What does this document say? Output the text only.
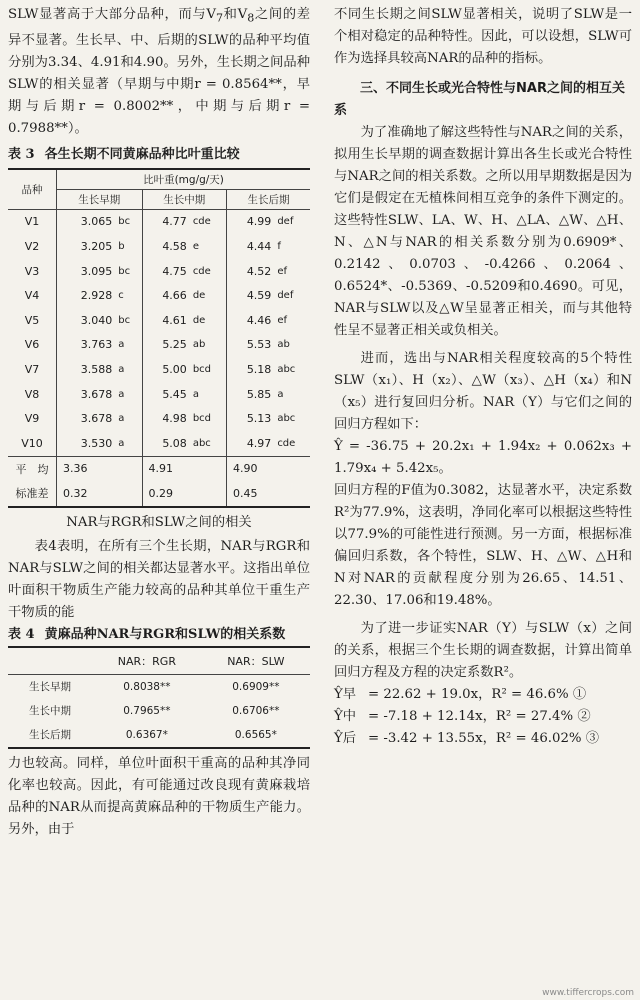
SLW显著高于大部分品种，而与$V_7$和$V_8$之间的差异不显著。生长早、中、后期的SLW的品种平均值分别为3.34、4.91和4.90。另外，生长期之间品种SLW的相关显著（早期与中期r = 0.8564**，早期与后期r = 0.8002**，中期与后期r = 0.7988**）。

表 3 各生长期不同黄麻品种比叶重比较
品种	比叶重(mg/g/天)					
	生长早期		生长中期		生长后期	
V1	3.065	bc	4.77	cde	4.99	def
V2	3.205	b	4.58	e	4.44	f
V3	3.095	bc	4.75	cde	4.52	ef
V4	2.928	c	4.66	de	4.59	def
V5	3.040	bc	4.61	de	4.46	ef
V6	3.763	a	5.25	ab	5.53	ab
V7	3.588	a	5.00	bcd	5.18	abc
V8	3.678	a	5.45	a	5.85	a
V9	3.678	a	4.98	bcd	5.13	abc
V10	3.530	a	5.08	abc	4.97	cde
平　均	3.36		4.91		4.90	
标准差	0.32		0.29		0.45	
NAR与RGR和SLW之间的相关

表4表明，在所有三个生长期，NAR与RGR和NAR与SLW之间的相关都达显著水平。这指出单位叶面积干物质生产能力较高的品种其单位干重生产干物质的能

表 4 黄麻品种NAR与RGR和SLW的相关系数
	NAR：RGR	NAR：SLW
生长早期	0.8038**	0.6909**
生长中期	0.7965**	0.6706**
生长后期	0.6367*	0.6565*

力也较高。同样，单位叶面积干重高的品种其净同化率也较高。因此，有可能通过改良现有黄麻栽培品种的NAR从而提高黄麻品种的干物质生产能力。另外，由于

不同生长期之间SLW显著相关，说明了SLW是一个相对稳定的品种特性。因此，可以设想，SLW可作为选择具较高NAR的品种的指标。

三、不同生长或光合特性与NAR之间的相互关系

为了准确地了解这些特性与NAR之间的关系，拟用生长早期的调查数据计算出各生长或光合特性与NAR之间的相关系数。之所以用早期数据是因为它们是假定在无植株间相互竞争的条件下测定的。这些特性SLW、LA、W、H、△LA、△W、△H、N、△N与NAR的相关系数分别为0.6909*、0.2142、0.0703、-0.4266、0.2064、0.6524*、-0.5369、-0.5209和0.4690。可见，NAR与SLW以及△W呈显著正相关，而与其他特性呈不显著正相关或负相关。

进而，选出与NAR相关程度较高的5个特性SLW（x₁）、H（x₂）、△W（x₃）、△H（x₄）和N（x₅）进行复回归分析。NAR（Y）与它们之间的回归方程如下：

Ŷ = -36.75 + 20.2x₁ + 1.94x₂ + 0.062x₃ + 1.79x₄ + 5.42x₅。

回归方程的F值为0.3082，达显著水平，决定系数R²为77.9%，这表明，净同化率可以根据这些特性以77.9%的可能性进行预测。另一方面，根据标准偏回归系数，各个特性，SLW、H、△W、△H和N对NAR的贡献程度分别为26.65、14.51、22.30、17.06和19.48%。

为了进一步证实NAR（Y）与SLW（x）之间的关系，根据三个生长期的调查数据，计算出简单回归方程及方程的决定系数R²。

Ŷ早 = 22.62 + 19.0x，R² = 46.6% ①
Ŷ中 = -7.18 + 12.14x，R² = 27.4% ②
Ŷ后 = -3.42 + 13.55x，R² = 46.02% ③
www.tiffercrops.com
